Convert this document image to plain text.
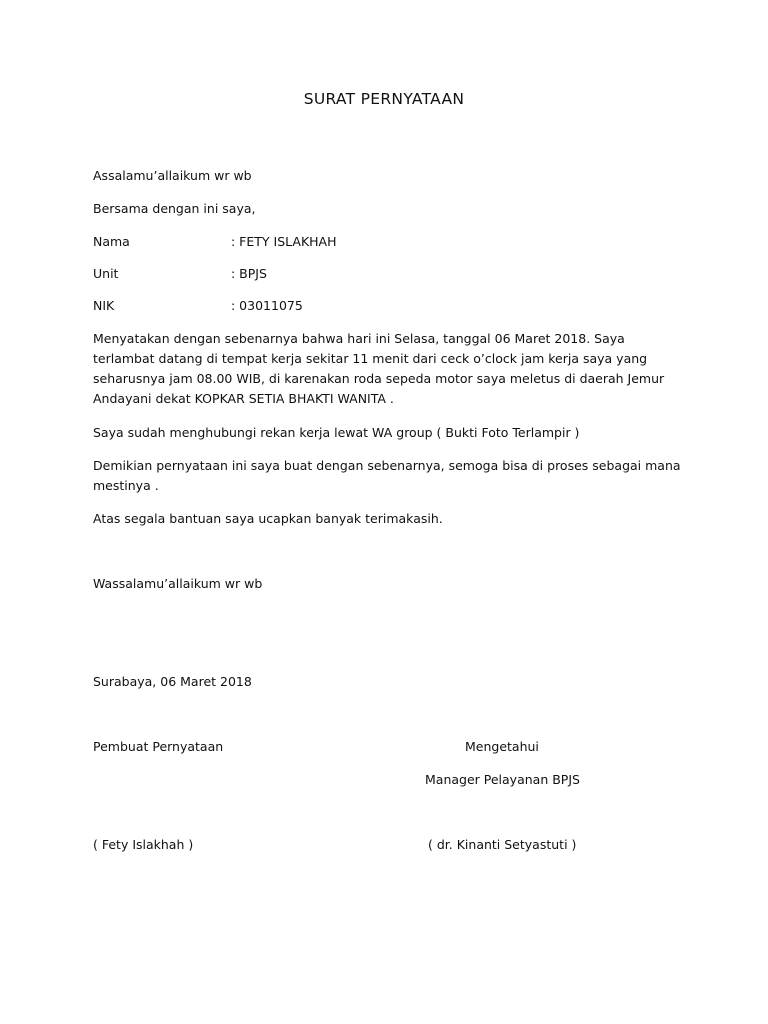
SURAT PERNYATAAN
Assalamu’allaikum wr wb
Bersama dengan ini saya,
Nama	: FETY ISLAKHAH
Unit	: BPJS
NIK	: 03011075
Menyatakan dengan sebenarnya bahwa hari ini Selasa, tanggal 06 Maret 2018. Saya
terlambat datang di tempat kerja sekitar 11 menit dari ceck o’clock jam kerja saya yang
seharusnya jam 08.00 WIB, di karenakan roda sepeda motor saya meletus di daerah Jemur
Andayani dekat KOPKAR SETIA BHAKTI WANITA .
Saya sudah menghubungi rekan kerja lewat WA group ( Bukti Foto Terlampir )
Demikian pernyataan ini saya buat dengan sebenarnya, semoga bisa di proses sebagai mana
mestinya .
Atas segala bantuan saya ucapkan banyak terimakasih.
Wassalamu’allaikum wr wb
Surabaya, 06 Maret 2018
Pembuat Pernyataan	Mengetahui
Manager Pelayanan BPJS
( Fety Islakhah )	( dr. Kinanti Setyastuti )
